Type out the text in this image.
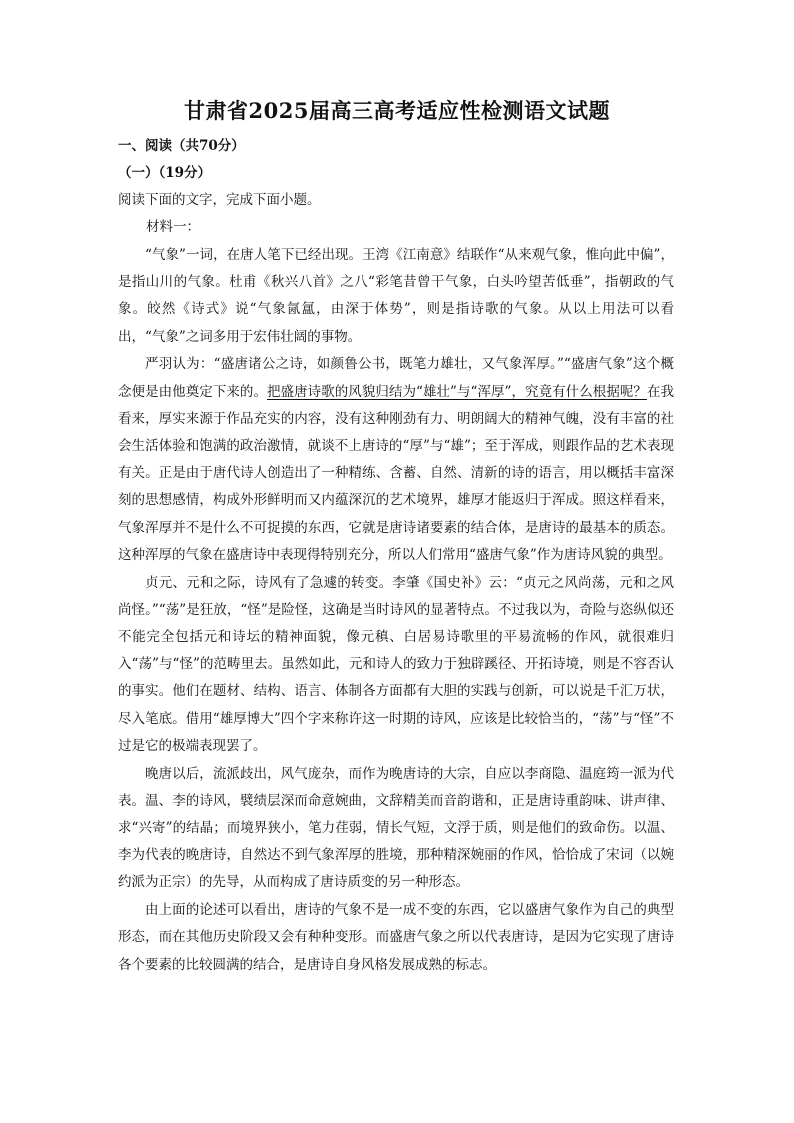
甘肃省2025届高三高考适应性检测语文试题
一、阅读（共70分）
（一）（19分）
阅读下面的文字，完成下面小题。
材料一：

“气象”一词，在唐人笔下已经出现。王湾《江南意》结联作“从来观气象，惟向此中偏”，是指山川的气象。杜甫《秋兴八首》之八“彩笔昔曾干气象，白头吟望苦低垂”，指朝政的气象。皎然《诗式》说“气象氤氲，由深于体势”，则是指诗歌的气象。从以上用法可以看出，“气象”之词多用于宏伟壮阔的事物。

严羽认为：“盛唐诸公之诗，如颜鲁公书，既笔力雄壮，又气象浑厚。”“盛唐气象”这个概念便是由他奠定下来的。把盛唐诗歌的风貌归结为“雄壮”与“浑厚”，究竟有什么根据呢？在我看来，厚实来源于作品充实的内容，没有这种刚劲有力、明朗阔大的精神气魄，没有丰富的社会生活体验和饱满的政治激情，就谈不上唐诗的“厚”与“雄”；至于浑成，则跟作品的艺术表现有关。正是由于唐代诗人创造出了一种精练、含蓄、自然、清新的诗的语言，用以概括丰富深刻的思想感情，构成外形鲜明而又内蕴深沉的艺术境界，雄厚才能返归于浑成。照这样看来，气象浑厚并不是什么不可捉摸的东西，它就是唐诗诸要素的结合体，是唐诗的最基本的质态。这种浑厚的气象在盛唐诗中表现得特别充分，所以人们常用“盛唐气象”作为唐诗风貌的典型。

贞元、元和之际，诗风有了急遽的转变。李肇《国史补》云：“贞元之风尚荡，元和之风尚怪。”“荡”是狂放，“怪”是险怪，这确是当时诗风的显著特点。不过我以为，奇险与恣纵似还不能完全包括元和诗坛的精神面貌，像元稹、白居易诗歌里的平易流畅的作风，就很难归入“荡”与“怪”的范畴里去。虽然如此，元和诗人的致力于独辟蹊径、开拓诗境，则是不容否认的事实。他们在题材、结构、语言、体制各方面都有大胆的实践与创新，可以说是千汇万状，尽入笔底。借用“雄厚博大”四个字来称许这一时期的诗风，应该是比较恰当的，“荡”与“怪”不过是它的极端表现罢了。

晚唐以后，流派歧出，风气庞杂，而作为晚唐诗的大宗，自应以李商隐、温庭筠一派为代表。温、李的诗风，襞绩层深而命意婉曲，文辞精美而音韵谐和，正是唐诗重韵味、讲声律、求“兴寄”的结晶；而境界狭小，笔力荏弱，情长气短，文浮于质，则是他们的致命伤。以温、李为代表的晚唐诗，自然达不到气象浑厚的胜境，那种精深婉丽的作风，恰恰成了宋词（以婉约派为正宗）的先导，从而构成了唐诗质变的另一种形态。

由上面的论述可以看出，唐诗的气象不是一成不变的东西，它以盛唐气象作为自己的典型形态，而在其他历史阶段又会有种种变形。而盛唐气象之所以代表唐诗，是因为它实现了唐诗各个要素的比较圆满的结合，是唐诗自身风格发展成熟的标志。
